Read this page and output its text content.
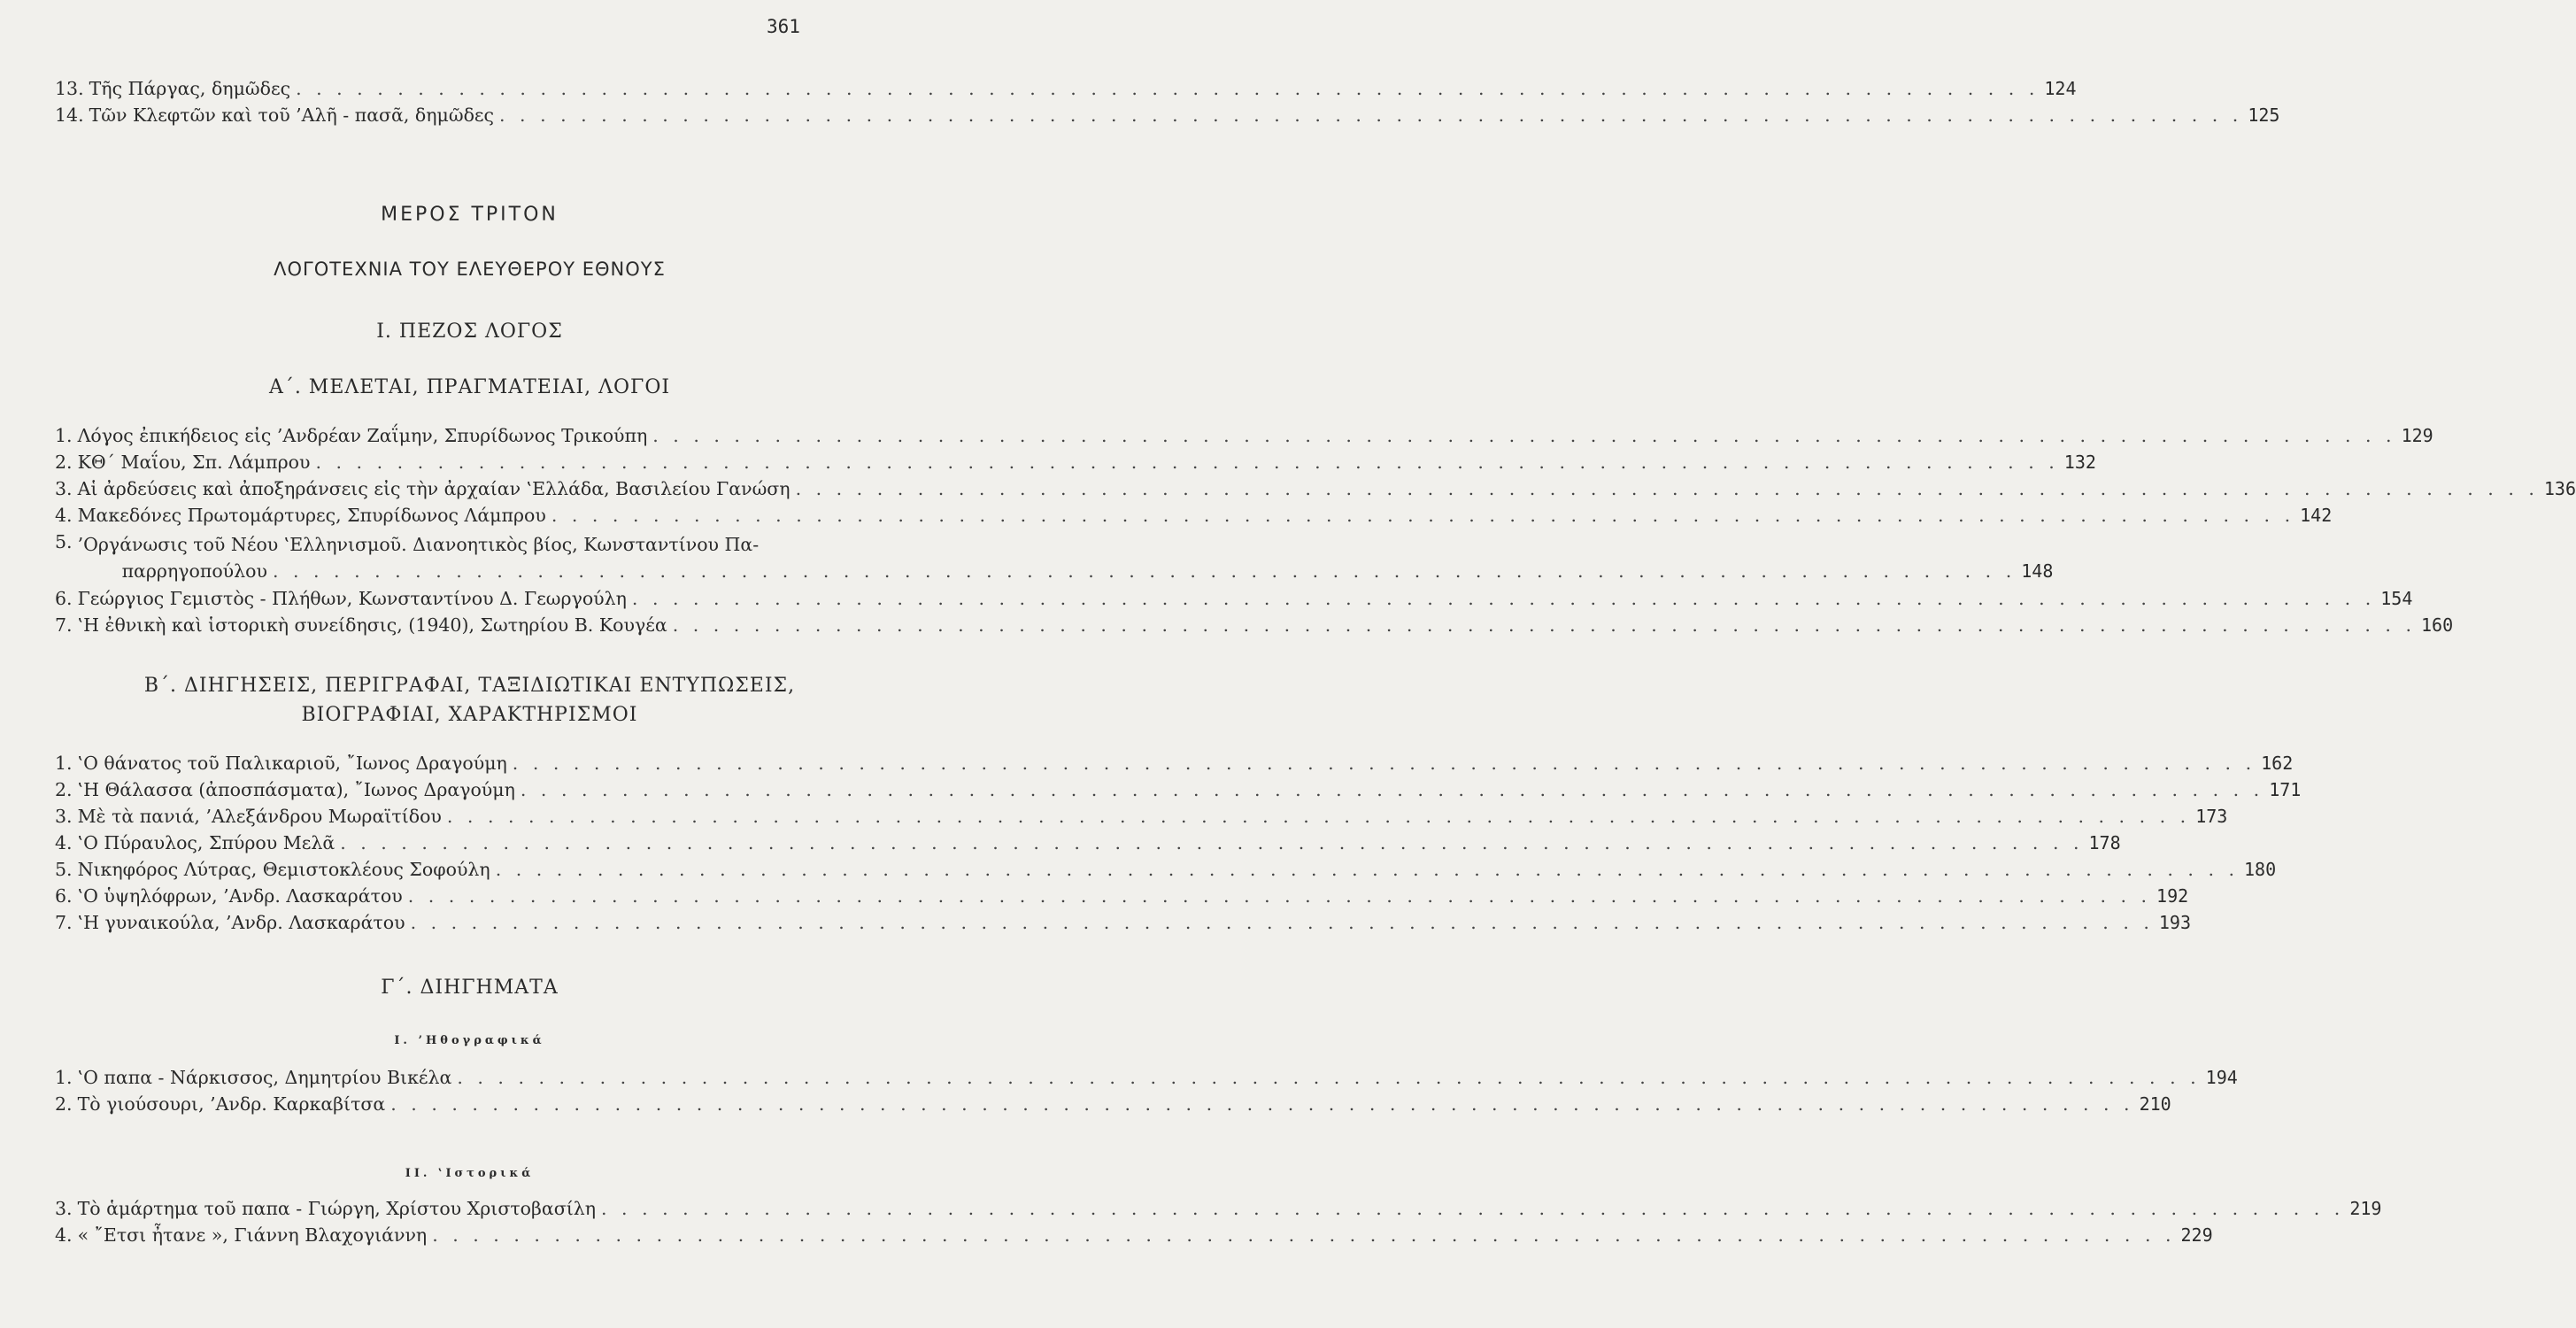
361
13. Τῆς Πάργας, δημῶδες . . .	124
14. Τῶν Κλεφτῶν καὶ τοῦ ’Αλῆ - πασᾶ, δημῶδες . . .	125
ΜΕΡΟΣ ΤΡΙΤΟΝ
ΛΟΓΟΤΕΧΝΙΑ ΤΟΥ ΕΛΕΥΘΕΡΟΥ ΕΘΝΟΥΣ
Ι. ΠΕΖΟΣ ΛΟΓΟΣ
Α΄. ΜΕΛΕΤΑΙ, ΠΡΑΓΜΑΤΕΙΑΙ, ΛΟΓΟΙ
1. Λόγος ἐπικήδειος εἰς ’Ανδρέαν Ζαΐμην, Σπυρίδωνος Τρικούπη . . .	129
2. ΚΘ΄ Μαΐου, Σπ. Λάμπρου . . .	132
3. Αἱ ἀρδεύσεις καὶ ἀποξηράνσεις εἰς τὴν ἀρχαίαν ‛Ελλάδα, Βασιλείου Γανώση . . .	136
4. Μακεδόνες Πρωτομάρτυρες, Σπυρίδωνος Λάμπρου . . .	142
5. ’Οργάνωσις τοῦ Νέου ‛Ελληνισμοῦ. Διανοητικὸς βίος, Κωνσταντίνου Πα-
παρρηγοπούλου . . .	148
6. Γεώργιος Γεμιστὸς - Πλήθων, Κωνσταντίνου Δ. Γεωργούλη . . .	154
7. ‛Η ἐθνικὴ καὶ ἱστορικὴ συνείδησις, (1940), Σωτηρίου Β. Κουγέα . . .	160
Β΄. ΔΙΗΓΗΣΕΙΣ, ΠΕΡΙΓΡΑΦΑΙ, ΤΑΞΙΔΙΩΤΙΚΑΙ ΕΝΤΥΠΩΣΕΙΣ,
ΒΙΟΓΡΑΦΙΑΙ, ΧΑΡΑΚΤΗΡΙΣΜΟΙ
1. ‛Ο θάνατος τοῦ Παλικαριοῦ, ῎Ιωνος Δραγούμη . . .	162
2. ‛Η Θάλασσα (ἀποσπάσματα), ῎Ιωνος Δραγούμη . . .	171
3. Μὲ τὰ πανιά, ’Αλεξάνδρου Μωραϊτίδου . . .	173
4. ‛Ο Πύραυλος, Σπύρου Μελᾶ . . .	178
5. Νικηφόρος Λύτρας, Θεμιστοκλέους Σοφούλη . . .	180
6. ‛Ο ὑψηλόφρων, ’Ανδρ. Λασκαράτου . . .	192
7. ‛Η γυναικούλα, ’Ανδρ. Λασκαράτου . . .	193
Γ΄. ΔΙΗΓΗΜΑΤΑ
Ι. ’Ηθογραφικά
1. ‛Ο παπα - Νάρκισσος, Δημητρίου Βικέλα . . .	194
2. Τὸ γιούσουρι, ’Ανδρ. Καρκαβίτσα . . .	210
ΙΙ. ‛Ιστορικά
3. Τὸ ἁμάρτημα τοῦ παπα - Γιώργη, Χρίστου Χριστοβασίλη . . .	219
4. « ῎Ετσι ἦτανε », Γιάννη Βλαχογιάννη . . .	229
